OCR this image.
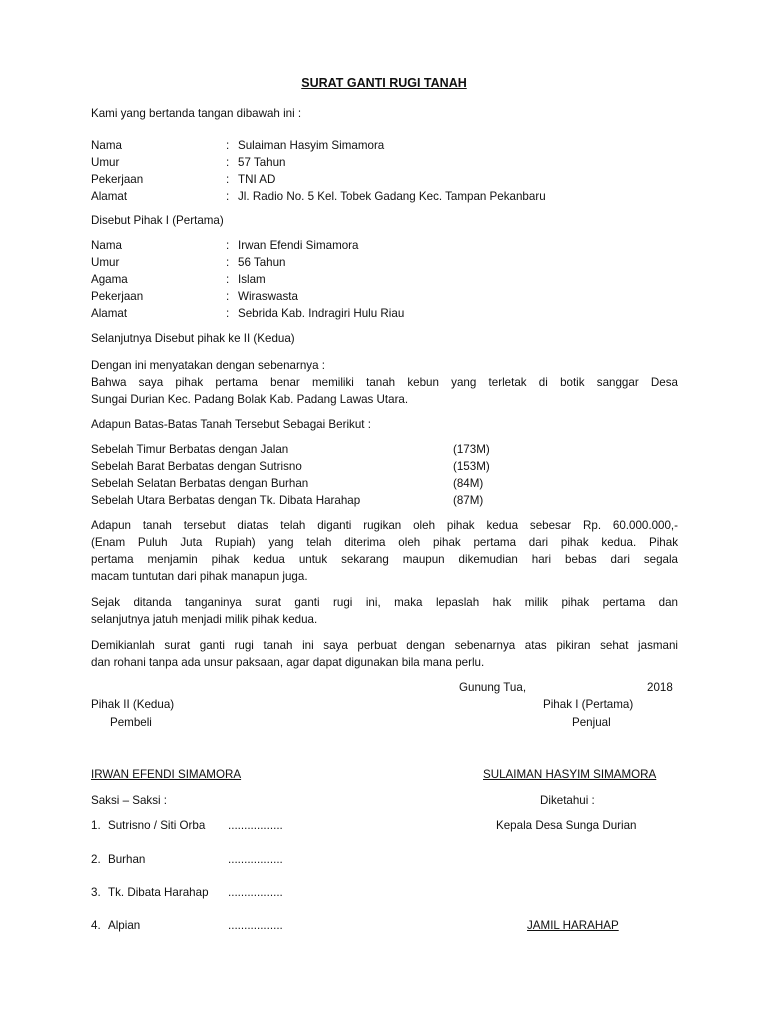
SURAT GANTI RUGI TANAH
Kami yang bertanda tangan dibawah ini :
Nama	: Sulaiman Hasyim Simamora
Umur	: 57 Tahun
Pekerjaan	: TNI AD
Alamat	: Jl. Radio No. 5 Kel. Tobek Gadang Kec. Tampan Pekanbaru
Disebut Pihak I (Pertama)
Nama	: Irwan Efendi Simamora
Umur	: 56 Tahun
Agama	: Islam
Pekerjaan	: Wiraswasta
Alamat	: Sebrida Kab. Indragiri Hulu Riau
Selanjutnya Disebut pihak ke II (Kedua)
Dengan ini menyatakan dengan sebenarnya :
Bahwa saya pihak pertama benar memiliki tanah kebun yang terletak di botik sanggar Desa
Sungai Durian Kec. Padang Bolak Kab. Padang Lawas Utara.
Adapun Batas-Batas Tanah Tersebut Sebagai Berikut :
Sebelah Timur Berbatas dengan Jalan	(173M)
Sebelah Barat Berbatas dengan Sutrisno	(153M)
Sebelah Selatan Berbatas dengan Burhan	(84M)
Sebelah Utara Berbatas dengan Tk. Dibata Harahap	(87M)
Adapun tanah tersebut diatas telah diganti rugikan oleh pihak kedua sebesar Rp. 60.000.000,-
(Enam Puluh Juta Rupiah) yang telah diterima oleh pihak pertama dari pihak kedua. Pihak
pertama menjamin pihak kedua untuk sekarang maupun dikemudian hari bebas dari segala
macam tuntutan dari pihak manapun juga.
Sejak ditanda tanganinya surat ganti rugi ini, maka lepaslah hak milik pihak pertama dan
selanjutnya jatuh menjadi milik pihak kedua.
Demikianlah surat ganti rugi tanah ini saya perbuat dengan sebenarnya atas pikiran sehat jasmani
dan rohani tanpa ada unsur paksaan, agar dapat digunakan bila mana perlu.
Gunung Tua,	2018
Pihak II (Kedua)	Pihak I (Pertama)
Pembeli	Penjual
IRWAN EFENDI SIMAMORA	SULAIMAN HASYIM SIMAMORA
Saksi – Saksi :	Diketahui :
1. Sutrisno / Siti Orba .................	Kepala Desa Sunga Durian
2. Burhan	.................
3. Tk. Dibata Harahap .................
4. Alpian	.................	JAMIL HARAHAP
